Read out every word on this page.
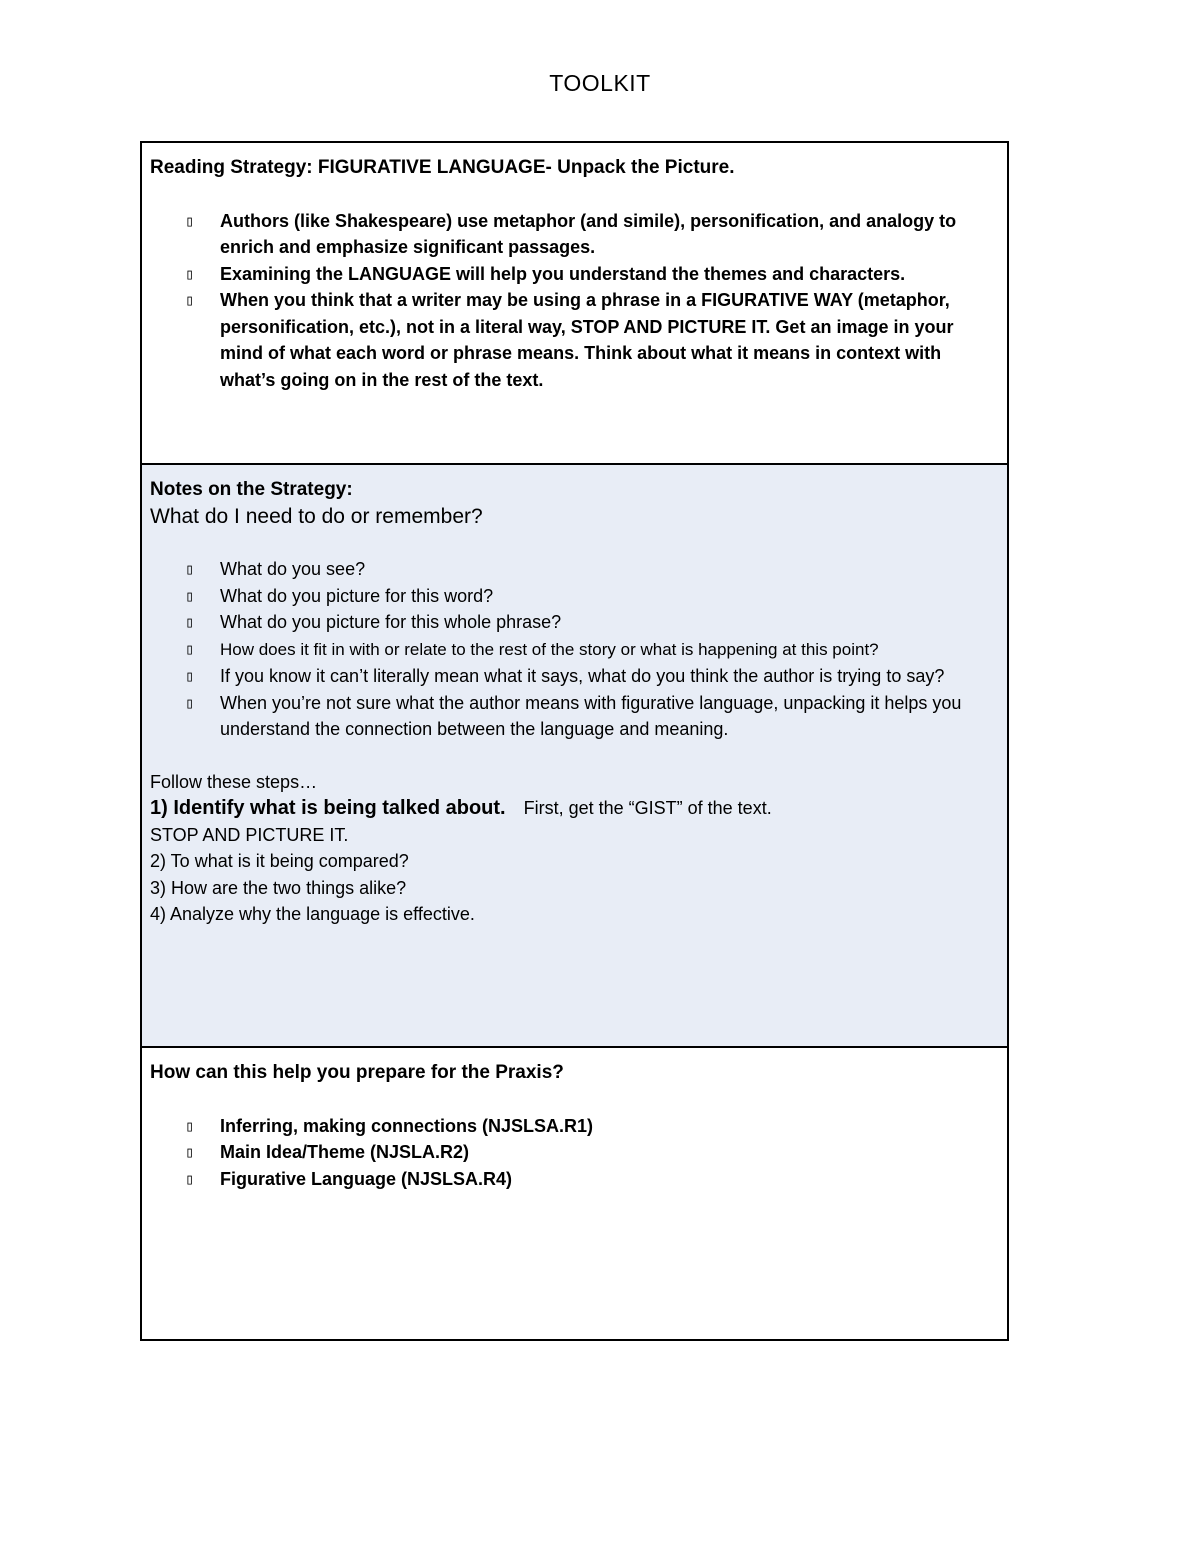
TOOLKIT

Reading Strategy: FIGURATIVE LANGUAGE- Unpack the Picture.

▯ Authors (like Shakespeare) use metaphor (and simile), personification, and analogy to enrich and emphasize significant passages.
▯ Examining the LANGUAGE will help you understand the themes and characters.
▯ When you think that a writer may be using a phrase in a FIGURATIVE WAY (metaphor, personification, etc.), not in a literal way, STOP AND PICTURE IT. Get an image in your mind of what each word or phrase means. Think about what it means in context with what’s going on in the rest of the text.

Notes on the Strategy:

What do I need to do or remember?

▯ What do you see?
▯ What do you picture for this word?
▯ What do you picture for this whole phrase?
▯ How does it fit in with or relate to the rest of the story or what is happening at this point?
▯ If you know it can’t literally mean what it says, what do you think the author is trying to say?
▯ When you’re not sure what the author means with figurative language, unpacking it helps you understand the connection between the language and meaning.

Follow these steps…

1) Identify what is being talked about. First, get the “GIST” of the text.

STOP AND PICTURE IT.

2) To what is it being compared?

3) How are the two things alike?

4) Analyze why the language is effective.

How can this help you prepare for the Praxis?

▯ Inferring, making connections (NJSLSA.R1)
▯ Main Idea/Theme (NJSLA.R2)
▯ Figurative Language (NJSLSA.R4)
